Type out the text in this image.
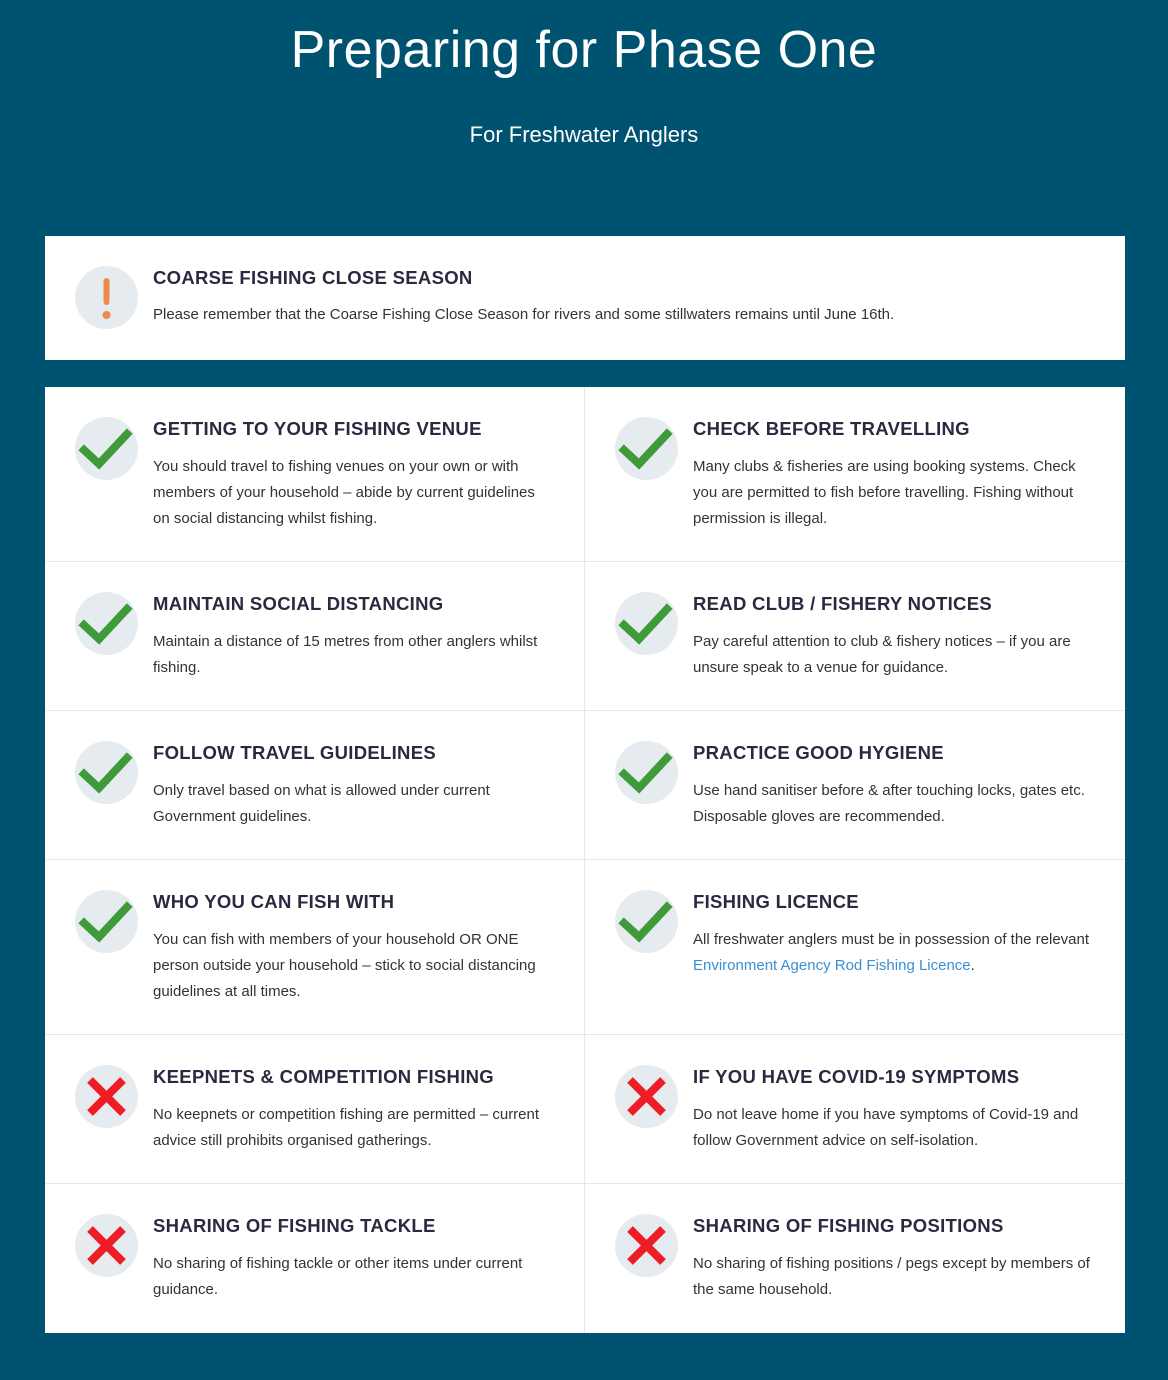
Preparing for Phase One
For Freshwater Anglers
COARSE FISHING CLOSE SEASON
Please remember that the Coarse Fishing Close Season for rivers and some stillwaters remains until June 16th.
GETTING TO YOUR FISHING VENUE
You should travel to fishing venues on your own or with members of your household – abide by current guidelines on social distancing whilst fishing.
CHECK BEFORE TRAVELLING
Many clubs & fisheries are using booking systems. Check you are permitted to fish before travelling. Fishing without permission is illegal.
MAINTAIN SOCIAL DISTANCING
Maintain a distance of 15 metres from other anglers whilst fishing.
READ CLUB / FISHERY NOTICES
Pay careful attention to club & fishery notices – if you are unsure speak to a venue for guidance.
FOLLOW TRAVEL GUIDELINES
Only travel based on what is allowed under current Government guidelines.
PRACTICE GOOD HYGIENE
Use hand sanitiser before & after touching locks, gates etc. Disposable gloves are recommended.
WHO YOU CAN FISH WITH
You can fish with members of your household OR ONE person outside your household – stick to social distancing guidelines at all times.
FISHING LICENCE
All freshwater anglers must be in possession of the relevant Environment Agency Rod Fishing Licence.
KEEPNETS & COMPETITION FISHING
No keepnets or competition fishing are permitted – current advice still prohibits organised gatherings.
IF YOU HAVE COVID-19 SYMPTOMS
Do not leave home if you have symptoms of Covid-19 and follow Government advice on self-isolation.
SHARING OF FISHING TACKLE
No sharing of fishing tackle or other items under current guidance.
SHARING OF FISHING POSITIONS
No sharing of fishing positions / pegs except by members of the same household.
